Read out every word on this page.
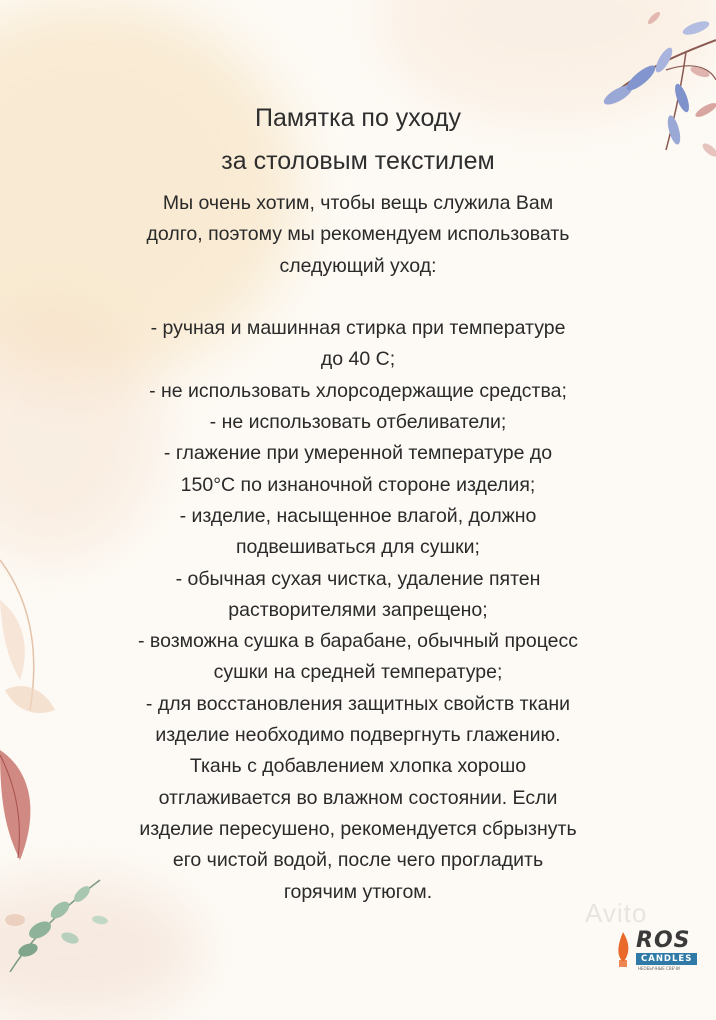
Памятка по уходу
за столовым текстилем
Мы очень хотим, чтобы вещь служила Вам
долго, поэтому мы рекомендуем использовать
следующий уход:
- ручная и машинная стирка при температуре
до 40 С;
- не использовать хлорсодержащие средства;
- не использовать отбеливатели;
- глажение при умеренной температуре до
150°С по изнаночной стороне изделия;
- изделие, насыщенное влагой, должно
подвешиваться для сушки;
- обычная сухая чистка, удаление пятен
растворителями запрещено;
- возможна сушка в барабане, обычный процесс
сушки на средней температуре;
- для восстановления защитных свойств ткани
изделие необходимо подвергнуть глажению.
Ткань с добавлением хлопка хорошо
отглаживается во влажном состоянии. Если
изделие пересушено, рекомендуется сбрызнуть
его чистой водой, после чего прогладить
горячим утюгом.
Avito
ROS
CANDLES
НЕОБЫЧНЫЕ СВЕЧИ
